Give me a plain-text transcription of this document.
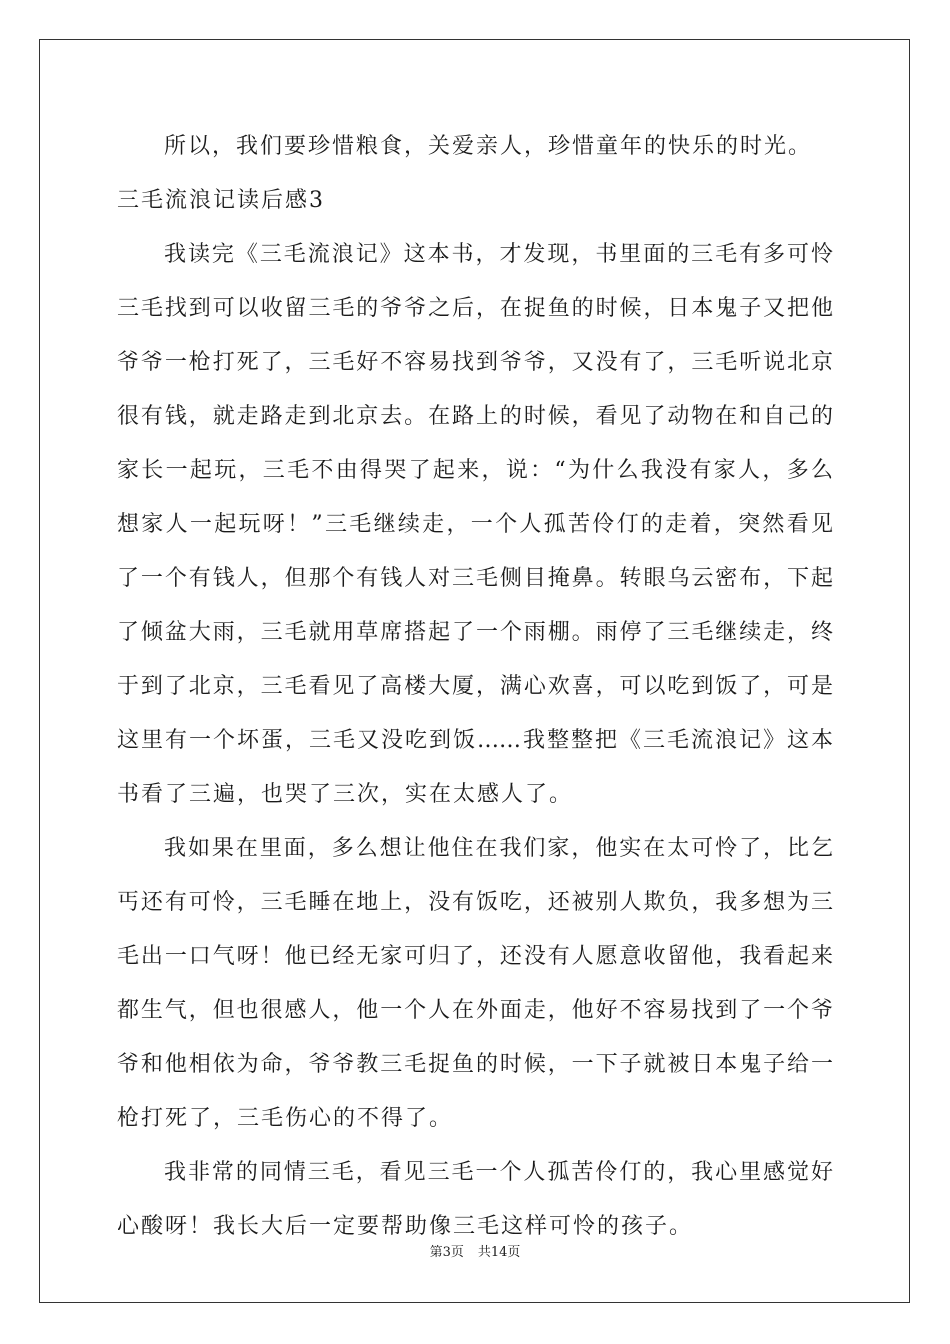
所以，我们要珍惜粮食，关爱亲人，珍惜童年的快乐的时光。
三毛流浪记读后感3
我读完《三毛流浪记》这本书，才发现，书里面的三毛有多可怜
三毛找到可以收留三毛的爷爷之后，在捉鱼的时候，日本鬼子又把他
爷爷一枪打死了，三毛好不容易找到爷爷，又没有了，三毛听说北京
很有钱，就走路走到北京去。在路上的时候，看见了动物在和自己的
家长一起玩，三毛不由得哭了起来，说：“为什么我没有家人，多么
想家人一起玩呀！”三毛继续走，一个人孤苦伶仃的走着，突然看见
了一个有钱人，但那个有钱人对三毛侧目掩鼻。转眼乌云密布，下起
了倾盆大雨，三毛就用草席搭起了一个雨棚。雨停了三毛继续走，终
于到了北京，三毛看见了高楼大厦，满心欢喜，可以吃到饭了，可是
这里有一个坏蛋，三毛又没吃到饭……我整整把《三毛流浪记》这本
书看了三遍，也哭了三次，实在太感人了。
我如果在里面，多么想让他住在我们家，他实在太可怜了，比乞
丐还有可怜，三毛睡在地上，没有饭吃，还被别人欺负，我多想为三
毛出一口气呀！他已经无家可归了，还没有人愿意收留他，我看起来
都生气，但也很感人，他一个人在外面走，他好不容易找到了一个爷
爷和他相依为命，爷爷教三毛捉鱼的时候，一下子就被日本鬼子给一
枪打死了，三毛伤心的不得了。
我非常的同情三毛，看见三毛一个人孤苦伶仃的，我心里感觉好
心酸呀！我长大后一定要帮助像三毛这样可怜的孩子。
第3页 共14页
